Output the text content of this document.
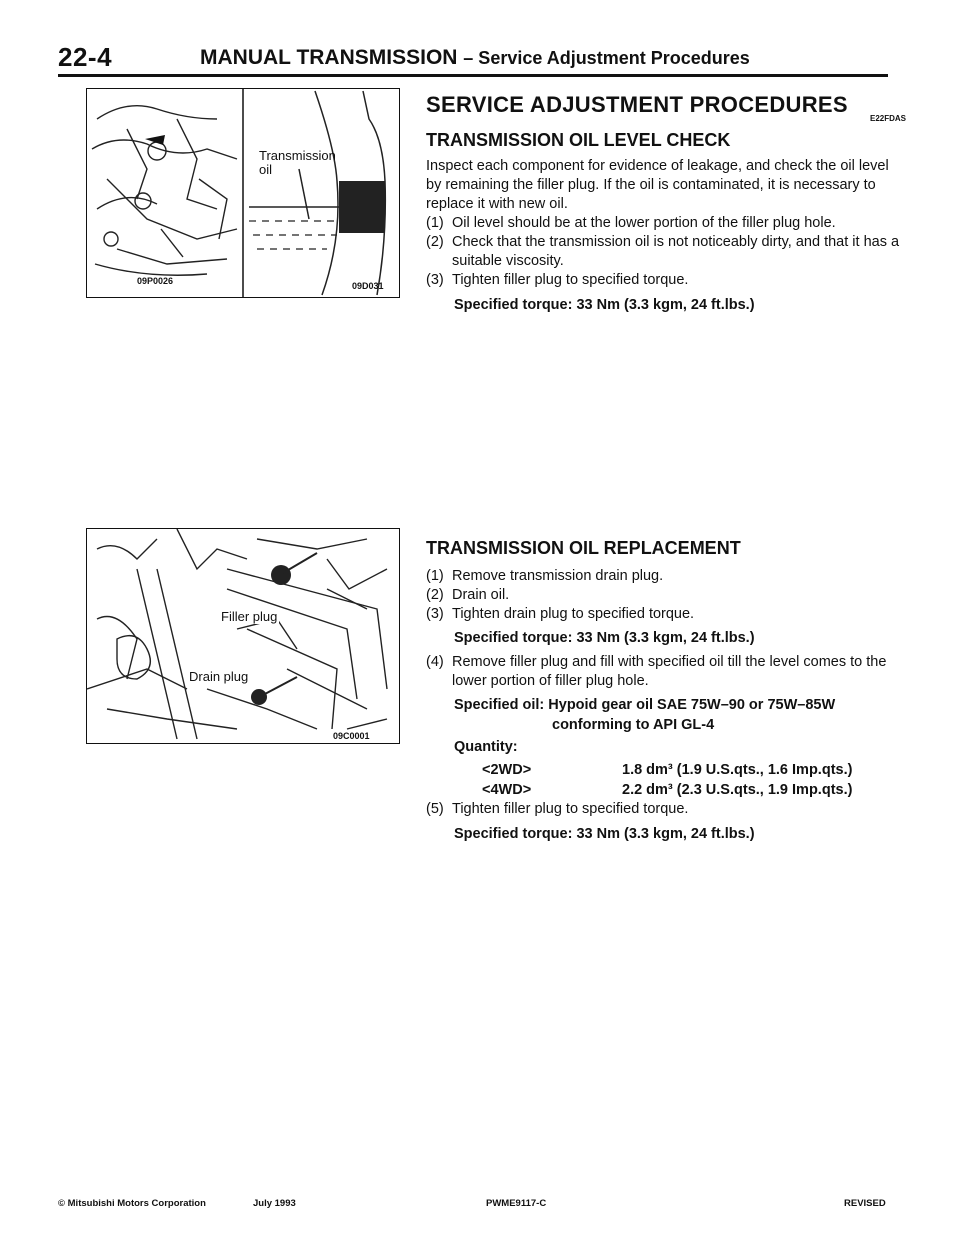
22-4	MANUAL TRANSMISSION – Service Adjustment Procedures
09P0026	09D031
Transmission oil
Filler plug
Drain plug
09C0001
SERVICE ADJUSTMENT PROCEDURES
E22FDAS
TRANSMISSION OIL LEVEL CHECK
Inspect each component for evidence of leakage, and check the oil level by remaining the filler plug. If the oil is contaminated, it is necessary to replace it with new oil.
(1) Oil level should be at the lower portion of the filler plug hole.
(2) Check that the transmission oil is not noticeably dirty, and that it has a suitable viscosity.
(3) Tighten filler plug to specified torque.
Specified torque: 33 Nm (3.3 kgm, 24 ft.lbs.)
TRANSMISSION OIL REPLACEMENT
(1) Remove transmission drain plug.
(2) Drain oil.
(3) Tighten drain plug to specified torque.
Specified torque: 33 Nm (3.3 kgm, 24 ft.lbs.)
(4) Remove filler plug and fill with specified oil till the level comes to the lower portion of filler plug hole.
Specified oil: Hypoid gear oil SAE 75W–90 or 75W–85W
conforming to API GL-4
Quantity:
<2WD>	1.8 dm³ (1.9 U.S.qts., 1.6 Imp.qts.)
<4WD>	2.2 dm³ (2.3 U.S.qts., 1.9 Imp.qts.)
(5) Tighten filler plug to specified torque.
Specified torque: 33 Nm (3.3 kgm, 24 ft.lbs.)
© Mitsubishi Motors Corporation	July 1993	PWME9117-C	REVISED
